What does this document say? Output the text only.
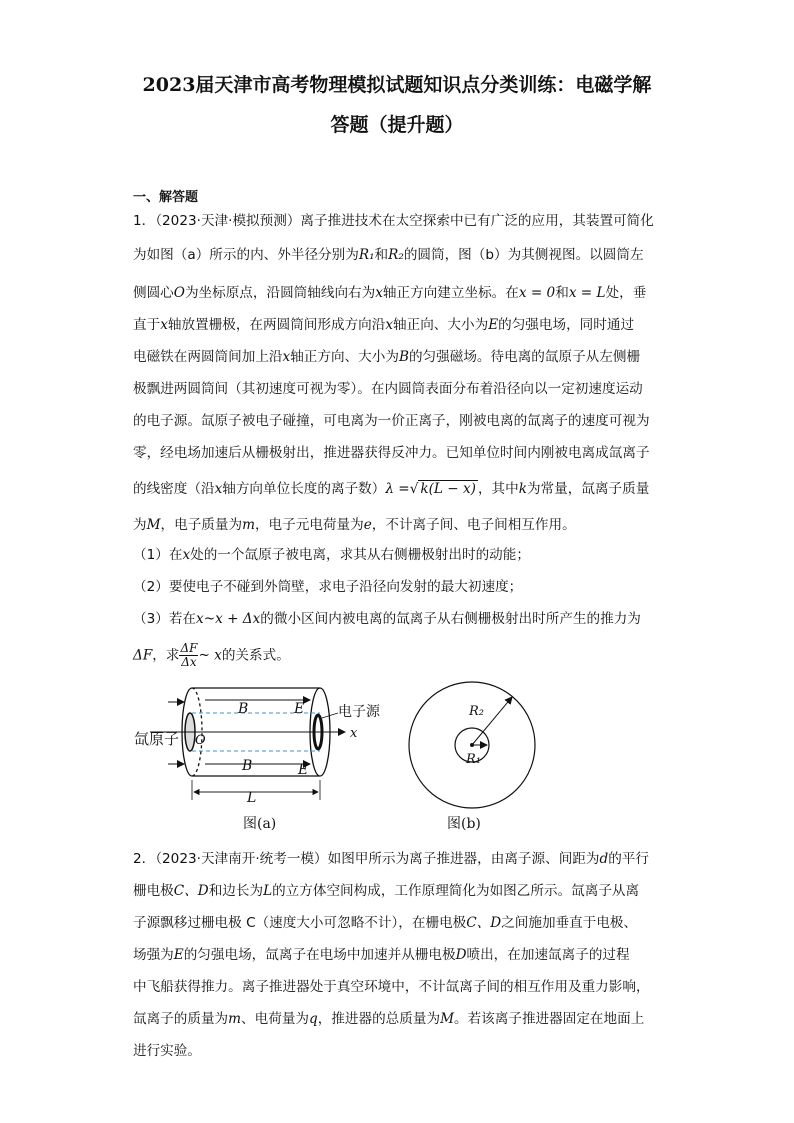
2023届天津市高考物理模拟试题知识点分类训练：电磁学解
答题（提升题）
一、解答题
1．（2023·天津·模拟预测）离子推进技术在太空探索中已有广泛的应用，其装置可简化
为如图（a）所示的内、外半径分别为R₁和R₂的圆筒，图（b）为其侧视图。以圆筒左
侧圆心O为坐标原点，沿圆筒轴线向右为x轴正方向建立坐标。在x = 0和x = L处，垂
直于x轴放置栅极，在两圆筒间形成方向沿x轴正向、大小为E的匀强电场，同时通过
电磁铁在两圆筒间加上沿x轴正方向、大小为B的匀强磁场。待电离的氙原子从左侧栅
极飘进两圆筒间（其初速度可视为零）。在内圆筒表面分布着沿径向以一定初速度运动
的电子源。氙原子被电子碰撞，可电离为一价正离子，刚被电离的氙离子的速度可视为
零，经电场加速后从栅极射出，推进器获得反冲力。已知单位时间内刚被电离成氙离子
的线密度（沿x轴方向单位长度的离子数）λ =√ k(L − x) ，其中k为常量，氙离子质量
为M，电子质量为m，电子元电荷量为e，不计离子间、电子间相互作用。
（1）在x处的一个氙原子被电离，求其从右侧栅极射出时的动能；
（2）要使电子不碰到外筒壁，求电子沿径向发射的最大初速度；
（3）若在x~x + Δx的微小区间内被电离的氙离子从右侧栅极射出时所产生的推力为
ΔF，求 $\frac{\Delta F}{\Delta x}$ ~ x的关系式。
氙原子
电子源
O	x
B	E
B	E
L
图(a)
R₂
R₁
图(b)
2．（2023·天津南开·统考一模）如图甲所示为离子推进器，由离子源、间距为d的平行
栅电极C、D和边长为L的立方体空间构成，工作原理简化为如图乙所示。氙离子从离
子源飘移过栅电极 C（速度大小可忽略不计），在栅电极C、D之间施加垂直于电极、
场强为E的匀强电场，氙离子在电场中加速并从栅电极D喷出，在加速氙离子的过程
中飞船获得推力。离子推进器处于真空环境中，不计氙离子间的相互作用及重力影响，
氙离子的质量为m、电荷量为q，推进器的总质量为M。若该离子推进器固定在地面上
进行实验。
